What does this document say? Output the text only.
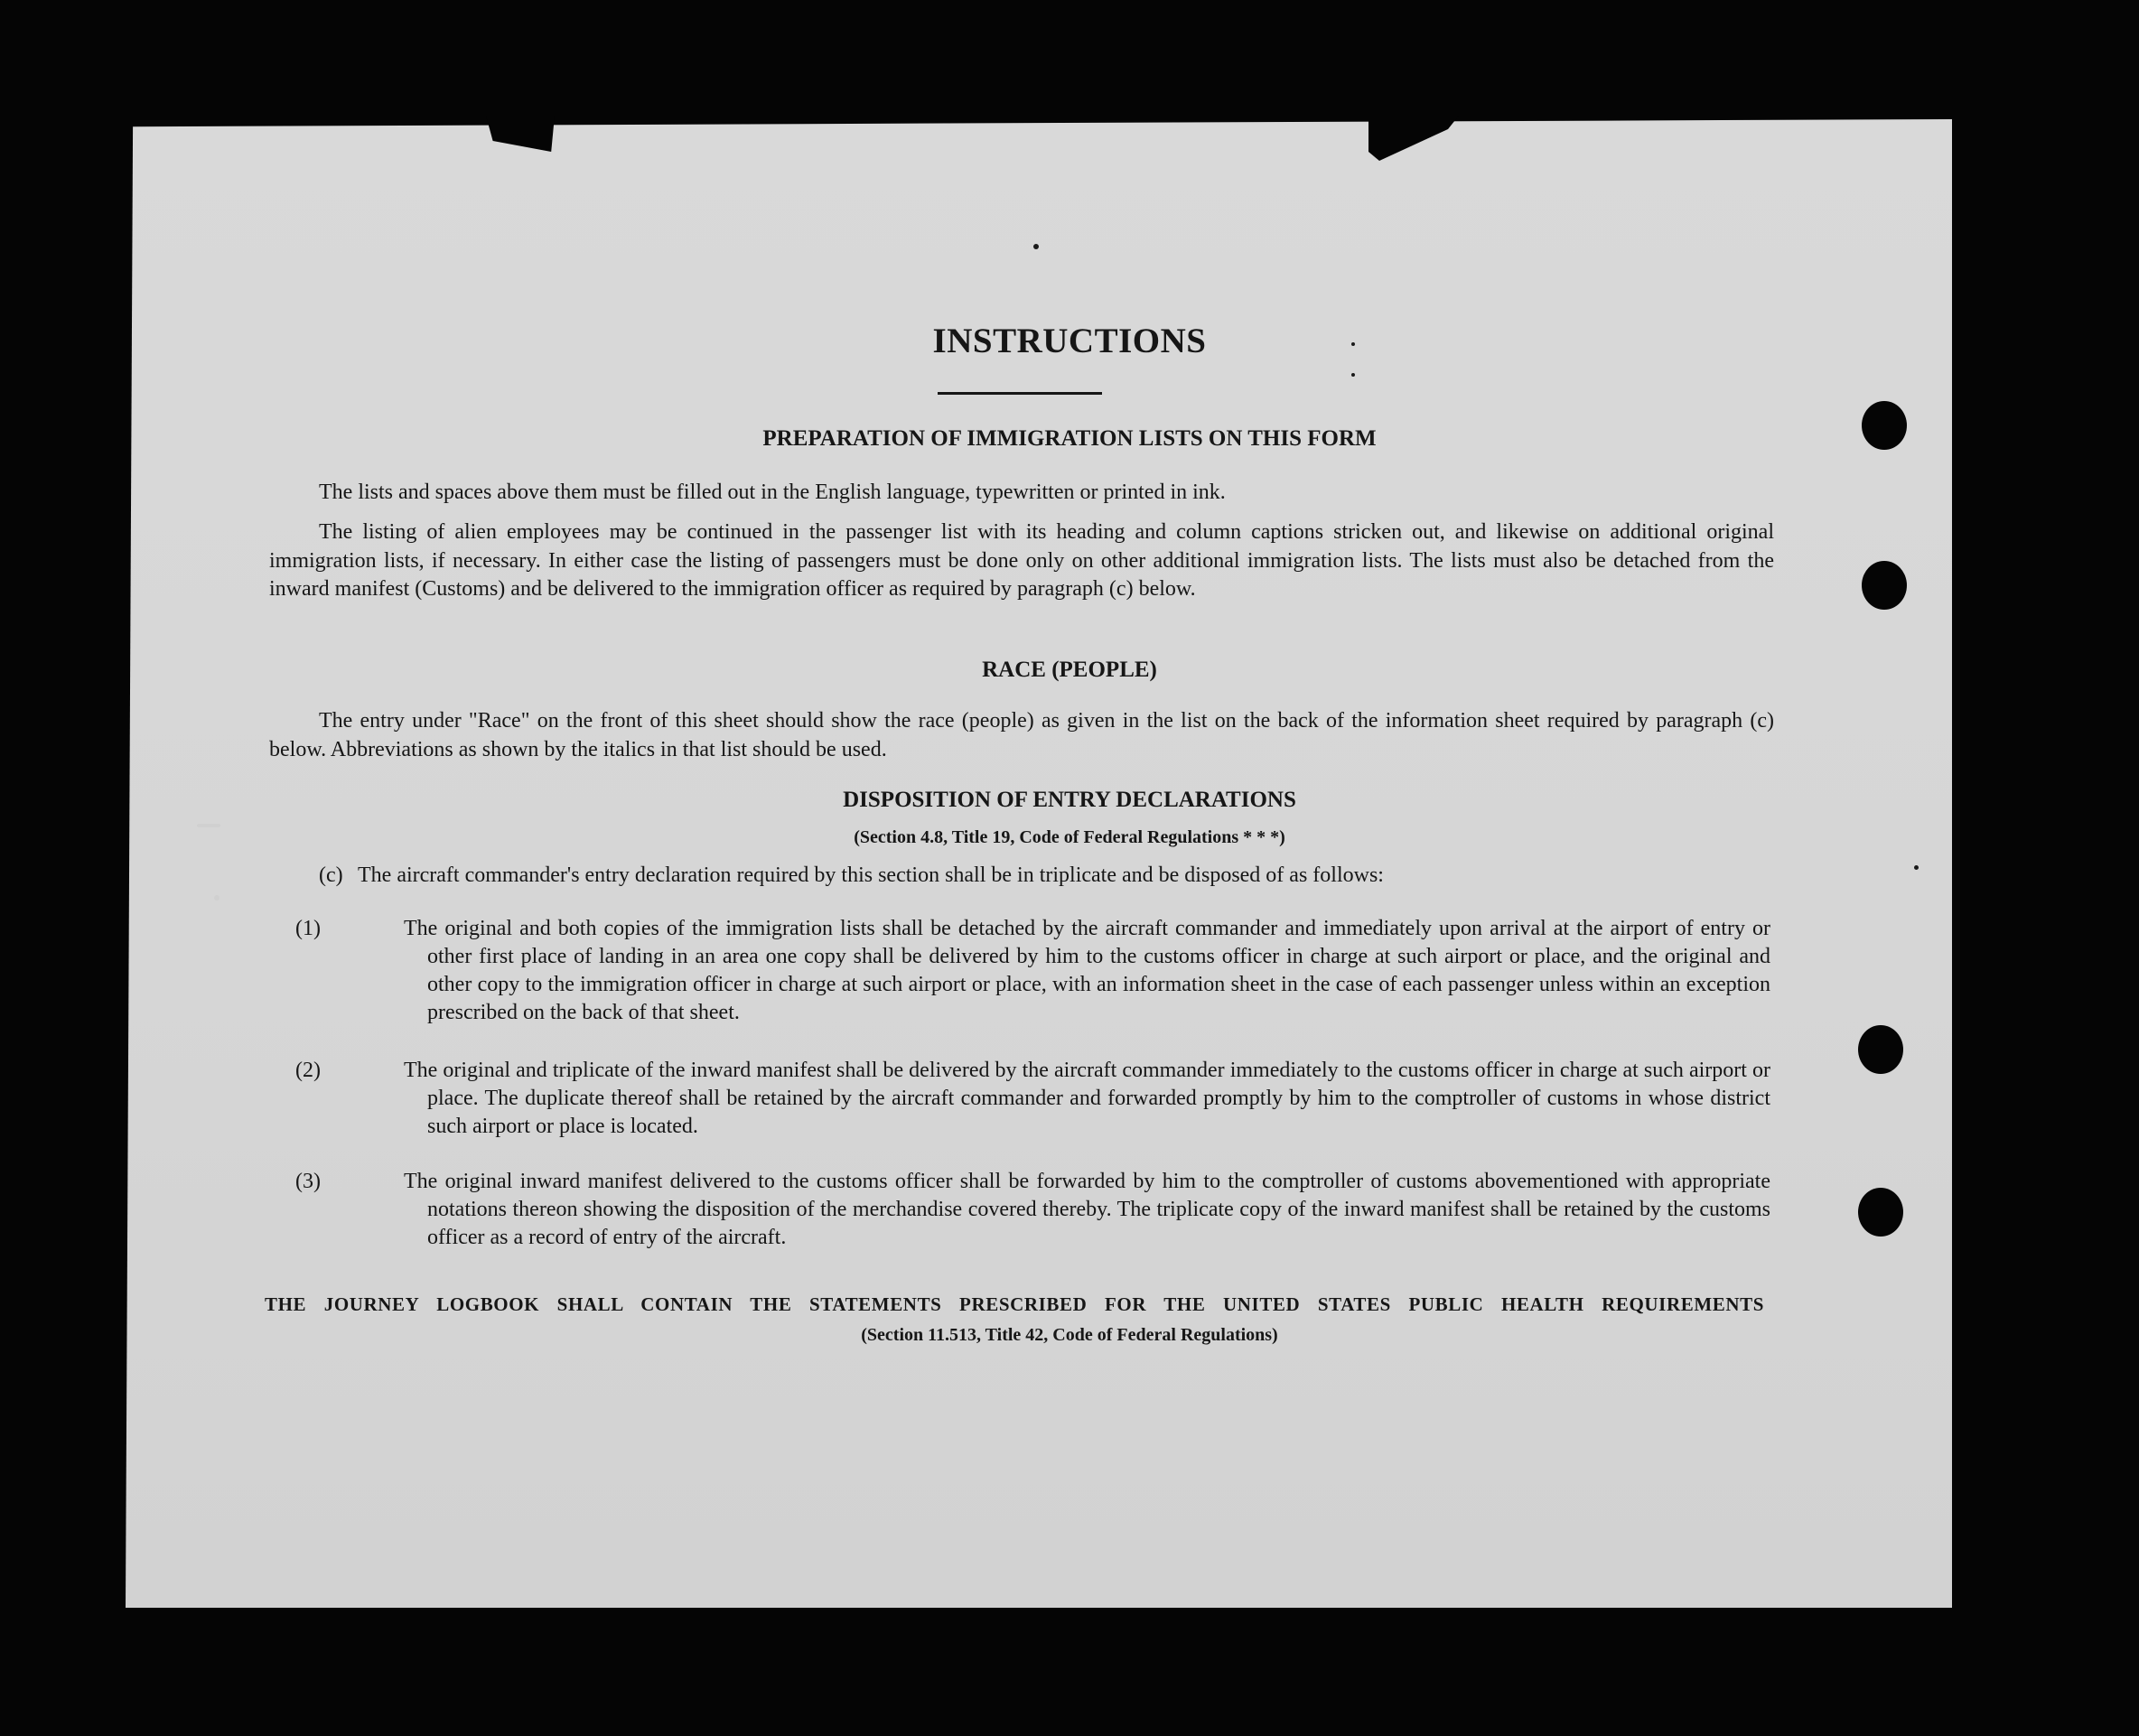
INSTRUCTIONS
PREPARATION OF IMMIGRATION LISTS ON THIS FORM
The lists and spaces above them must be filled out in the English language, typewritten or printed in ink.
The listing of alien employees may be continued in the passenger list with its heading and column captions stricken out, and likewise on additional original immigration lists, if necessary. In either case the listing of passengers must be done only on other additional immigration lists. The lists must also be detached from the inward manifest (Customs) and be delivered to the immigration officer as required by paragraph (c) below.
RACE (PEOPLE)
The entry under "Race" on the front of this sheet should show the race (people) as given in the list on the back of the information sheet required by paragraph (c) below. Abbreviations as shown by the italics in that list should be used.
DISPOSITION OF ENTRY DECLARATIONS
(Section 4.8, Title 19, Code of Federal Regulations * * *)
(c) The aircraft commander's entry declaration required by this section shall be in triplicate and be disposed of as follows:
(1)	The original and both copies of the immigration lists shall be detached by the aircraft commander and immediately upon arrival at the airport of entry or other first place of landing in an area one copy shall be delivered by him to the customs officer in charge at such airport or place, and the original and other copy to the immigration officer in charge at such airport or place, with an information sheet in the case of each passenger unless within an exception prescribed on the back of that sheet.
(2)	The original and triplicate of the inward manifest shall be delivered by the aircraft commander immediately to the customs officer in charge at such airport or place. The duplicate thereof shall be retained by the aircraft commander and forwarded promptly by him to the comptroller of customs in whose district such airport or place is located.
(3)	The original inward manifest delivered to the customs officer shall be forwarded by him to the comptroller of customs abovementioned with appropriate notations thereon showing the disposition of the merchandise covered thereby. The triplicate copy of the inward manifest shall be retained by the customs officer as a record of entry of the aircraft.
THE JOURNEY LOGBOOK SHALL CONTAIN THE STATEMENTS PRESCRIBED FOR THE UNITED STATES PUBLIC HEALTH REQUIREMENTS
(Section 11.513, Title 42, Code of Federal Regulations)
